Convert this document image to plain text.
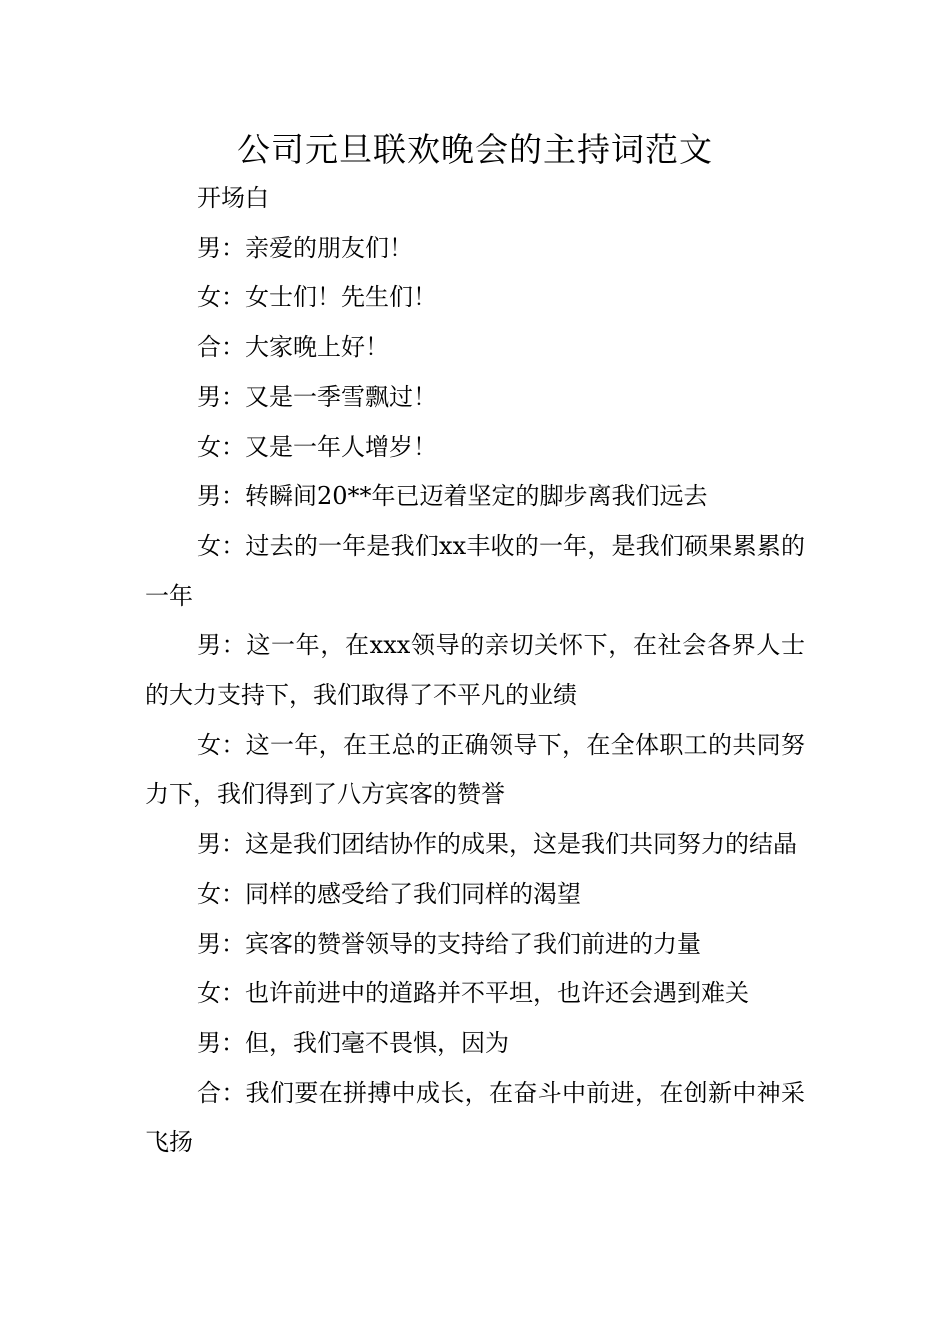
公司元旦联欢晚会的主持词范文

开场白

男：亲爱的朋友们！

女：女士们！先生们！

合：大家晚上好！

男：又是一季雪飘过！

女：又是一年人增岁！

男：转瞬间20**年已迈着坚定的脚步离我们远去

女：过去的一年是我们xx丰收的一年，是我们硕果累累的一年

男：这一年，在xxx领导的亲切关怀下，在社会各界人士的大力支持下，我们取得了不平凡的业绩

女：这一年，在王总的正确领导下，在全体职工的共同努力下，我们得到了八方宾客的赞誉

男：这是我们团结协作的成果，这是我们共同努力的结晶

女：同样的感受给了我们同样的渴望

男：宾客的赞誉领导的支持给了我们前进的力量

女：也许前进中的道路并不平坦，也许还会遇到难关

男：但，我们毫不畏惧，因为

合：我们要在拼搏中成长，在奋斗中前进，在创新中神采飞扬
